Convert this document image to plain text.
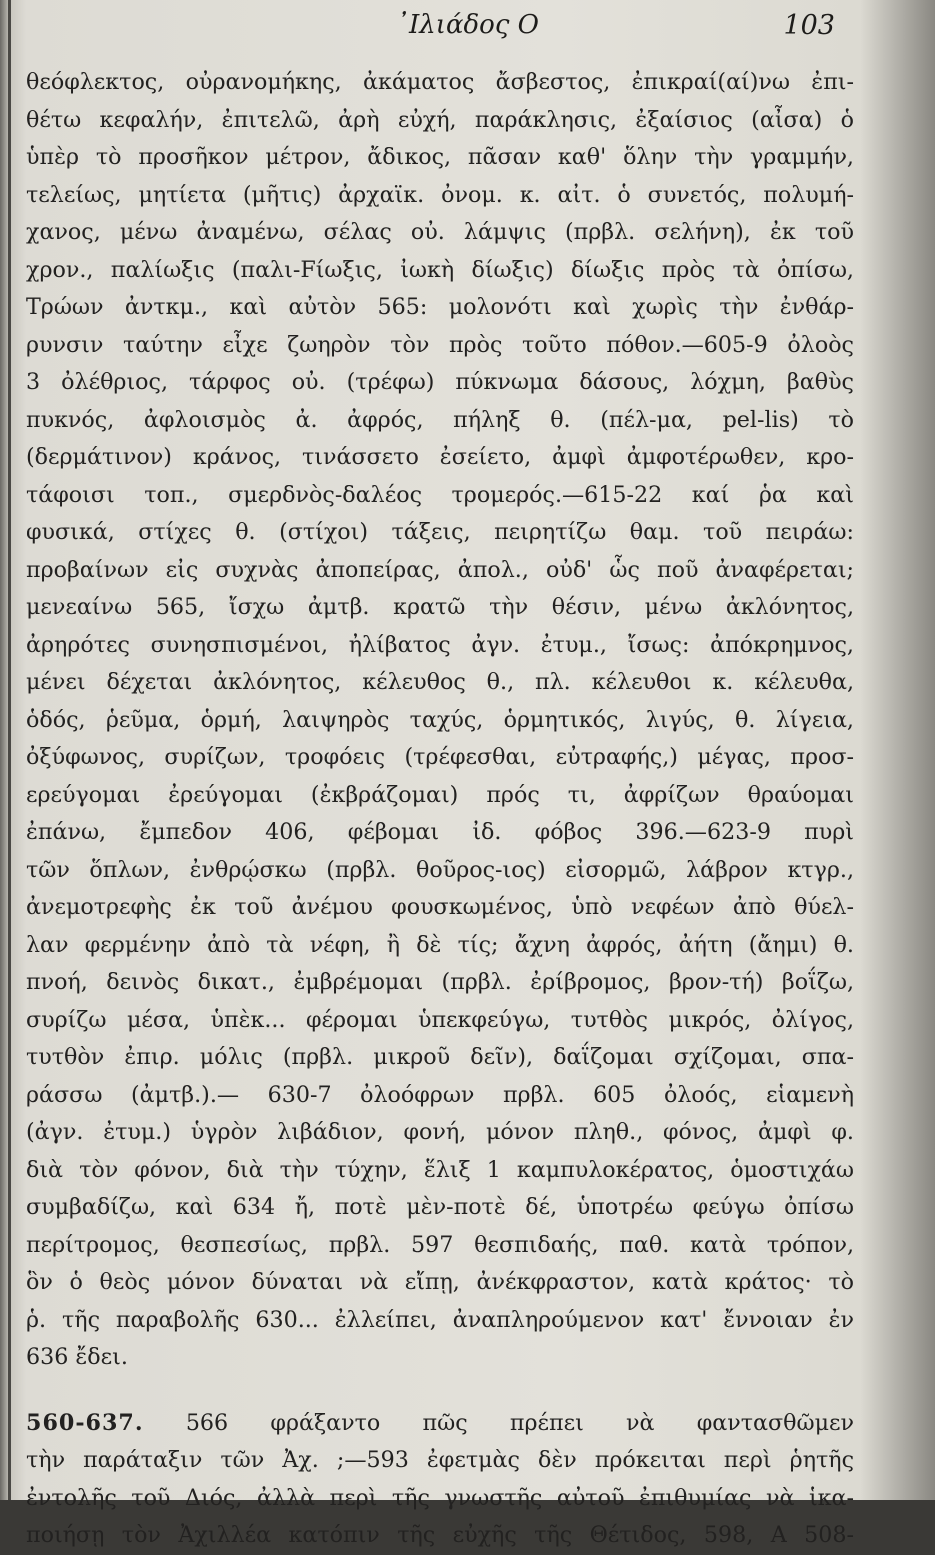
᾿Ιλιάδος Ο	103
θεόφλεκτος, οὐρανομήκης, ἀκάματος ἄσβεστος, ἐπικραί(αί)νω ἐπι-
θέτω κεφαλήν, ἐπιτελῶ, ἀρὴ εὐχή, παράκλησις, ἐξαίσιος (αἶσα) ὁ
ὑπὲρ τὸ προσῆκον μέτρον, ἄδικος, πᾶσαν καθ' ὅλην τὴν γραμμήν,
τελείως, μητίετα (μῆτις) ἀρχαϊκ. ὀνομ. κ. αἰτ. ὁ συνετός, πολυμή-
χανος, μένω ἀναμένω, σέλας οὐ. λάμψις (πρβλ. σελήνη), ἐκ τοῦ
χρον., παλίωξις (παλι-Fίωξις, ἰωκὴ δίωξις) δίωξις πρὸς τὰ ὀπίσω,
Τρώων ἀντκμ., καὶ αὐτὸν 565: μολονότι καὶ χωρὶς τὴν ἐνθάρ-
ρυνσιν ταύτην εἶχε ζωηρὸν τὸν πρὸς τοῦτο πόθον.—605-9 ὀλοὸς
3 ὀλέθριος, τάρφος οὐ. (τρέφω) πύκνωμα δάσους, λόχμη, βαθὺς
πυκνός, ἀφλοισμὸς ἀ. ἀφρός, πήληξ θ. (πέλ-μα, pel-lis) τὸ
(δερμάτινον) κράνος, τινάσσετο ἐσείετο, ἀμφὶ ἀμφοτέρωθεν, κρο-
τάφοισι τοπ., σμερδνὸς-δαλέος τρομερός.—615-22 καί ῥα καὶ
φυσικά, στίχες θ. (στίχοι) τάξεις, πειρητίζω θαμ. τοῦ πειράω:
προβαίνων εἰς συχνὰς ἀποπείρας, ἀπολ., οὐδ' ὧς ποῦ ἀναφέρεται;
μενεαίνω 565, ἴσχω ἀμτβ. κρατῶ τὴν θέσιν, μένω ἀκλόνητος,
ἀρηρότες συνησπισμένοι, ἠλίβατος ἀγν. ἐτυμ., ἴσως: ἀπόκρημνος,
μένει δέχεται ἀκλόνητος, κέλευθος θ., πλ. κέλευθοι κ. κέλευθα,
ὁδός, ῥεῦμα, ὁρμή, λαιψηρὸς ταχύς, ὁρμητικός, λιγύς, θ. λίγεια,
ὀξύφωνος, συρίζων, τροφόεις (τρέφεσθαι, εὐτραφής,) μέγας, προσ-
ερεύγομαι ἐρεύγομαι (ἐκβράζομαι) πρός τι, ἀφρίζων θραύομαι
ἐπάνω, ἔμπεδον 406, φέβομαι ἰδ. φόβος 396.—623-9 πυρὶ
τῶν ὅπλων, ἐνθρῴσκω (πρβλ. θοῦρος-ιος) εἰσορμῶ, λάβρον κτγρ.,
ἀνεμοτρεφὴς ἐκ τοῦ ἀνέμου φουσκωμένος, ὑπὸ νεφέων ἀπὸ θύελ-
λαν φερμένην ἀπὸ τὰ νέφη, ἢ δὲ τίς; ἄχνη ἀφρός, ἀήτη (ἄημι) θ.
πνοή, δεινὸς δικατ., ἐμβρέμομαι (πρβλ. ἐρίβρομος, βρον-τή) βοΐζω,
συρίζω μέσα, ὑπὲκ... φέρομαι ὑπεκφεύγω, τυτθὸς μικρός, ὀλίγος,
τυτθὸν ἐπιρ. μόλις (πρβλ. μικροῦ δεῖν), δαΐζομαι σχίζομαι, σπα-
ράσσω (ἀμτβ.).— 630-7 ὀλοόφρων πρβλ. 605 ὀλοός, εἱαμενὴ
(ἀγν. ἐτυμ.) ὑγρὸν λιβάδιον, φονή, μόνον πληθ., φόνος, ἀμφὶ φ.
διὰ τὸν φόνον, διὰ τὴν τύχην, ἕλιξ 1 καμπυλοκέρατος, ὁμοστιχάω
συμβαδίζω, καὶ 634 ἤ, ποτὲ μὲν-ποτὲ δέ, ὑποτρέω φεύγω ὀπίσω
περίτρομος, θεσπεσίως, πρβλ. 597 θεσπιδαής, παθ. κατὰ τρόπον,
ὃν ὁ θεὸς μόνον δύναται νὰ εἴπῃ, ἀνέκφραστον, κατὰ κράτος· τὸ
ῥ. τῆς παραβολῆς 630... ἐλλείπει, ἀναπληρούμενον κατ' ἔννοιαν ἐν
636 ἔδει.
560-637. 566 φράξαντο πῶς πρέπει νὰ φαντασθῶμεν
τὴν παράταξιν τῶν Ἀχ. ;—593 ἐφετμὰς δὲν πρόκειται περὶ ῥητῆς
ἐντολῆς τοῦ Διός, ἀλλὰ περὶ τῆς γνωστῆς αὐτοῦ ἐπιθυμίας νὰ ἱκα-
ποιήσῃ τὸν Ἀχιλλέα κατόπιν τῆς εὐχῆς τῆς Θέτιδος, 598, Α 508-
